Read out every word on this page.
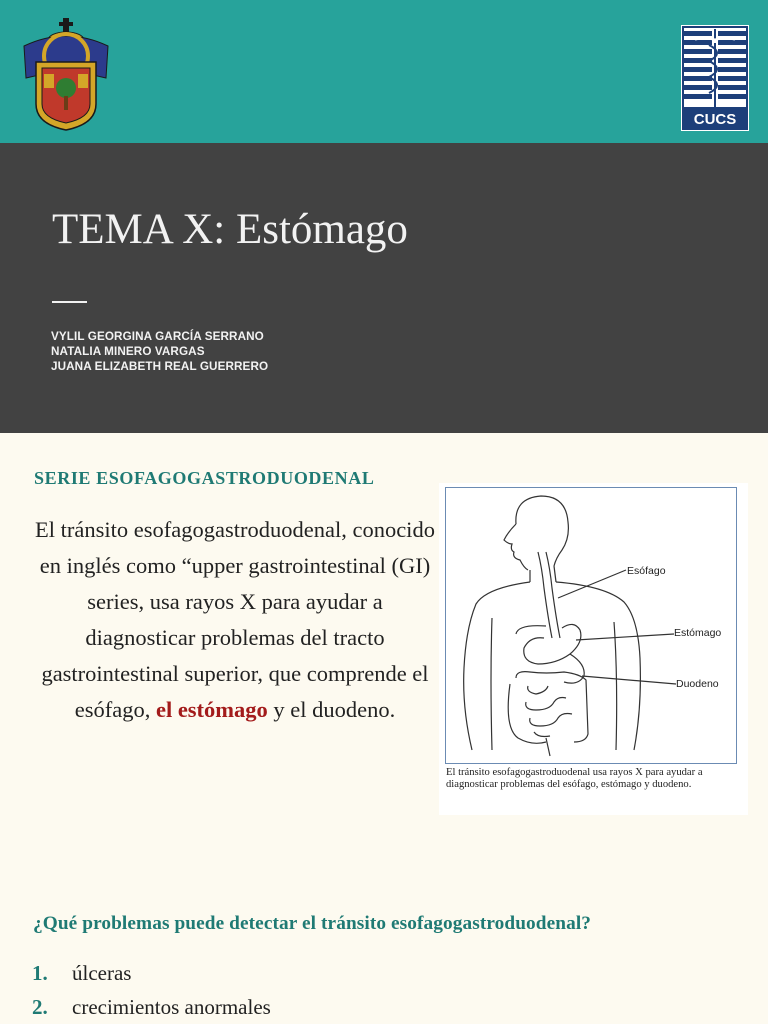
CUCS
TEMA X: Estómago
VYLIL GEORGINA GARCÍA SERRANO
NATALIA MINERO VARGAS
JUANA ELIZABETH REAL GUERRERO
SERIE ESOFAGOGASTRODUODENAL

El tránsito esofagogastroduodenal, conocido en inglés como “upper gastrointestinal (GI) series, usa rayos X para ayudar a diagnosticar problemas del tracto gastrointestinal superior, que comprende el esófago, el estómago y el duodeno.

Esófago
Estómago
Duodeno
El tránsito esofagogastroduodenal usa rayos X para ayudar a diagnosticar problemas del esófago, estómago y duodeno.
¿Qué problemas puede detectar el tránsito esofagogastroduodenal?
1. úlceras
2. crecimientos anormales
